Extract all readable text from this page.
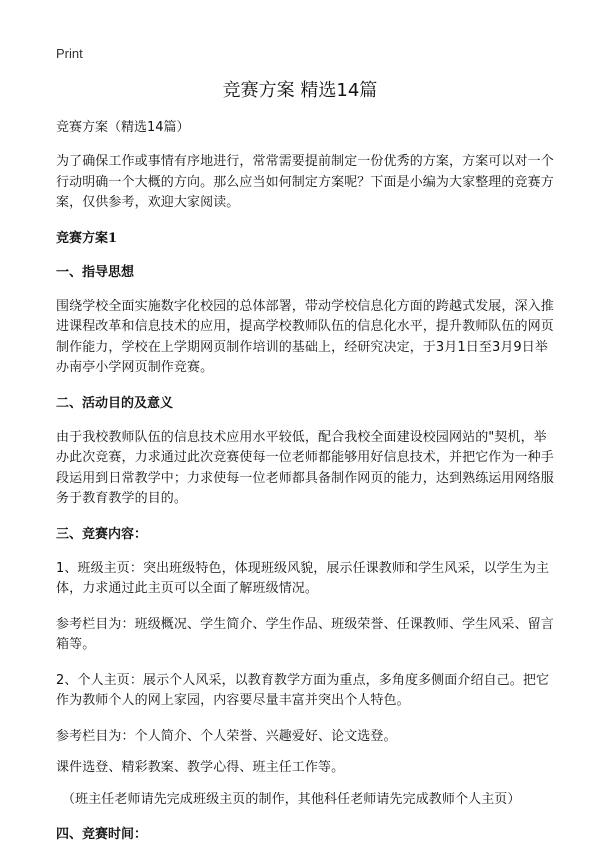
Print
竞赛方案 精选14篇

竞赛方案（精选14篇）

为了确保工作或事情有序地进行，常常需要提前制定一份优秀的方案，方案可以对一个行动明确一个大概的方向。那么应当如何制定方案呢？下面是小编为大家整理的竞赛方案，仅供参考，欢迎大家阅读。

竞赛方案1

一、指导思想

围绕学校全面实施数字化校园的总体部署，带动学校信息化方面的跨越式发展，深入推进课程改革和信息技术的应用，提高学校教师队伍的信息化水平，提升教师队伍的网页制作能力，学校在上学期网页制作培训的基础上，经研究决定，于3月1日至3月9日举办南亭小学网页制作竞赛。

二、活动目的及意义

由于我校教师队伍的信息技术应用水平较低，配合我校全面建设校园网站的"契机，举办此次竞赛，力求通过此次竞赛使每一位老师都能够用好信息技术，并把它作为一种手段运用到日常教学中；力求使每一位老师都具备制作网页的能力，达到熟练运用网络服务于教育教学的目的。

三、竞赛内容：

1、班级主页：突出班级特色，体现班级风貌，展示任课教师和学生风采，以学生为主体，力求通过此主页可以全面了解班级情况。

参考栏目为：班级概况、学生简介、学生作品、班级荣誉、任课教师、学生风采、留言箱等。

2、个人主页：展示个人风采，以教育教学方面为重点，多角度多侧面介绍自己。把它作为教师个人的网上家园，内容要尽量丰富并突出个人特色。

参考栏目为：个人简介、个人荣誉、兴趣爱好、论文选登。

课件选登、精彩教案、教学心得、班主任工作等。

（班主任老师请先完成班级主页的制作，其他科任老师请先完成教师个人主页）

四、竞赛时间：
